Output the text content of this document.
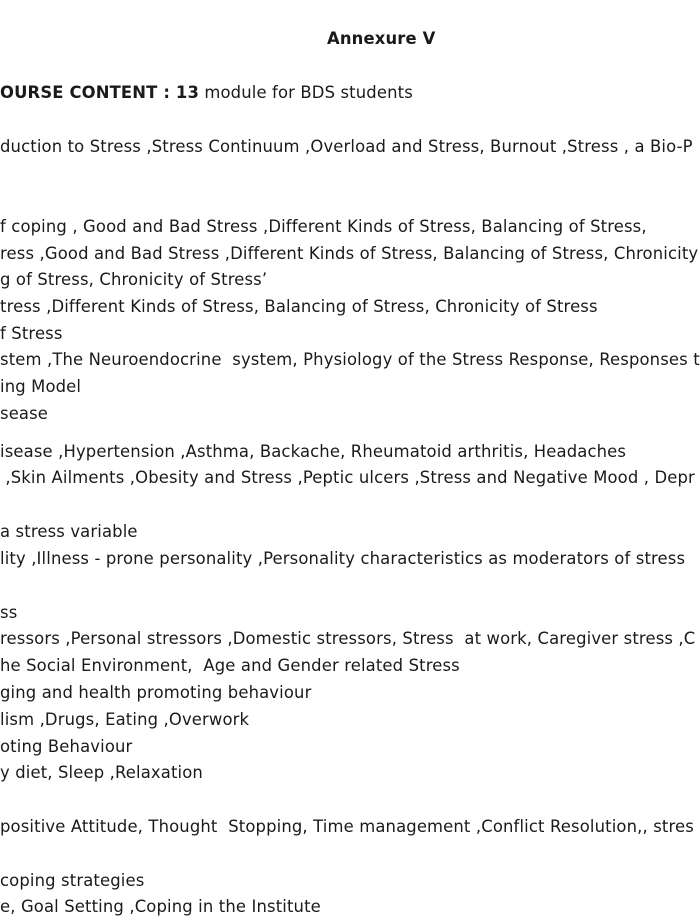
Annexure V
OURSE CONTENT : 13 module for BDS students
duction to Stress ,Stress Continuum ,Overload and Stress, Burnout ,Stress , a Bio-P
f coping , Good and Bad Stress ,Different Kinds of Stress, Balancing of Stress,
ress ,Good and Bad Stress ,Different Kinds of Stress, Balancing of Stress, Chronicity
g of Stress, Chronicity of Stress’
tress ,Different Kinds of Stress, Balancing of Stress, Chronicity of Stress
f Stress
stem ,The Neuroendocrine  system, Physiology of the Stress Response, Responses t
ing Model
sease
isease ,Hypertension ,Asthma, Backache, Rheumatoid arthritis, Headaches
,Skin Ailments ,Obesity and Stress ,Peptic ulcers ,Stress and Negative Mood , Depr
a stress variable
lity ,Illness - prone personality ,Personality characteristics as moderators of stress
ss
ressors ,Personal stressors ,Domestic stressors, Stress  at work, Caregiver stress ,C
he Social Environment,  Age and Gender related Stress
ging and health promoting behaviour
lism ,Drugs, Eating ,Overwork
oting Behaviour
y diet, Sleep ,Relaxation
positive Attitude, Thought  Stopping, Time management ,Conflict Resolution,, stres
coping strategies
e, Goal Setting ,Coping in the Institute
